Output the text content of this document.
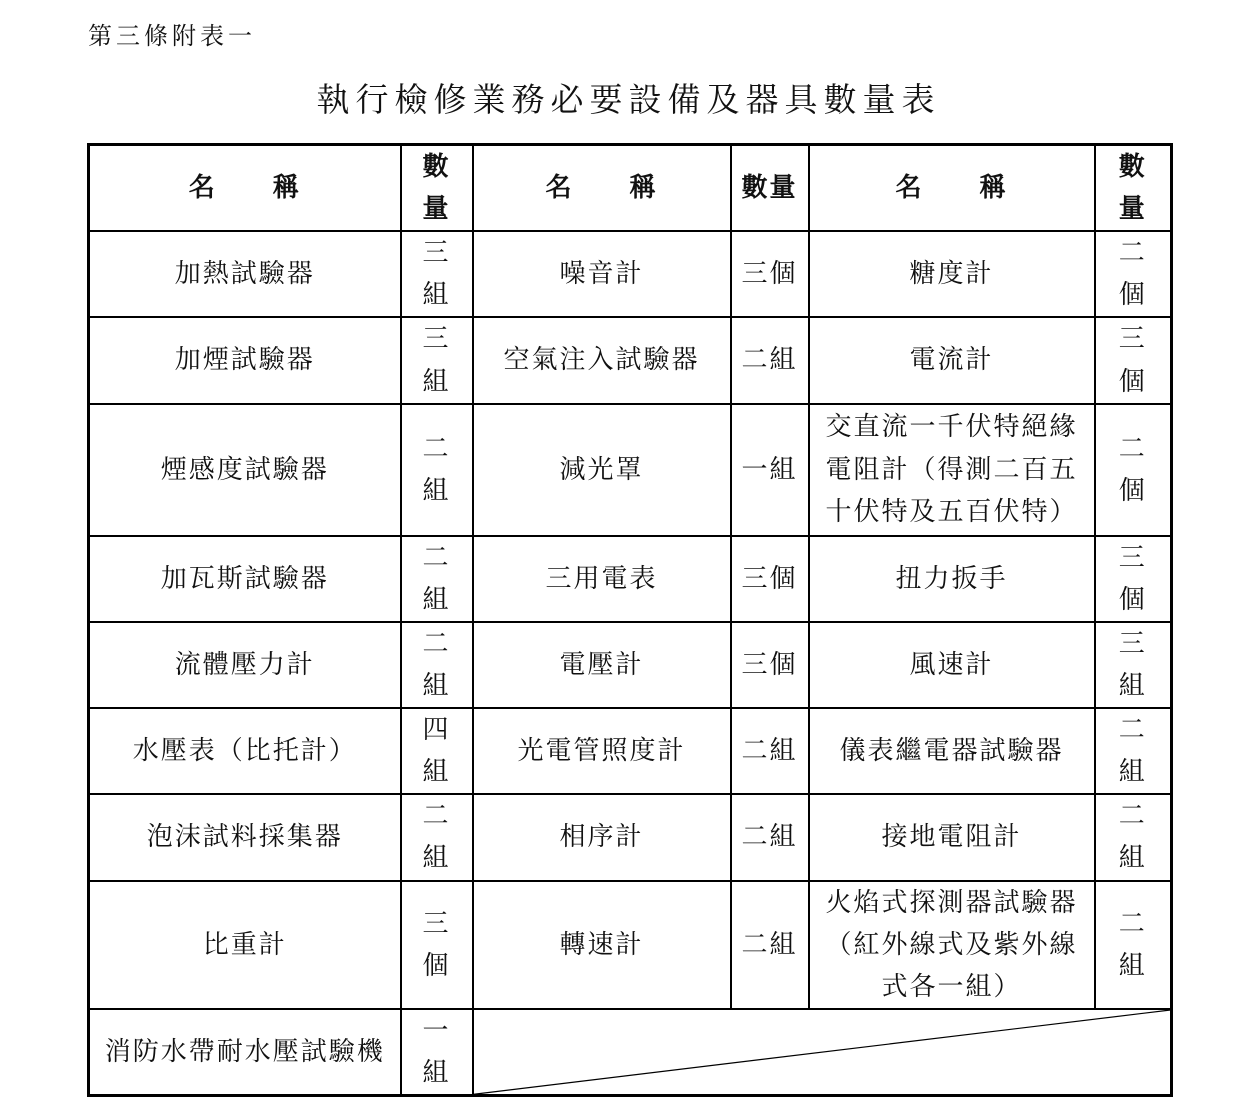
第三條附表一
執行檢修業務必要設備及器具數量表
名　　稱	數量	名　　稱	數量	名　　稱	數量
加熱試驗器	三組	噪音計	三個	糖度計	二個
加煙試驗器	三組	空氣注入試驗器	二組	電流計	三個
煙感度試驗器	二組	減光罩	一組	交直流一千伏特絕緣電阻計（得測二百五十伏特及五百伏特）	二個
加瓦斯試驗器	二組	三用電表	三個	扭力扳手	三個
流體壓力計	二組	電壓計	三個	風速計	三組
水壓表（比托計）	四組	光電管照度計	二組	儀表繼電器試驗器	二組
泡沫試料採集器	二組	相序計	二組	接地電阻計	二組
比重計	三個	轉速計	二組	火焰式探測器試驗器（紅外線式及紫外線式各一組）	二組
消防水帶耐水壓試驗機	一組	
